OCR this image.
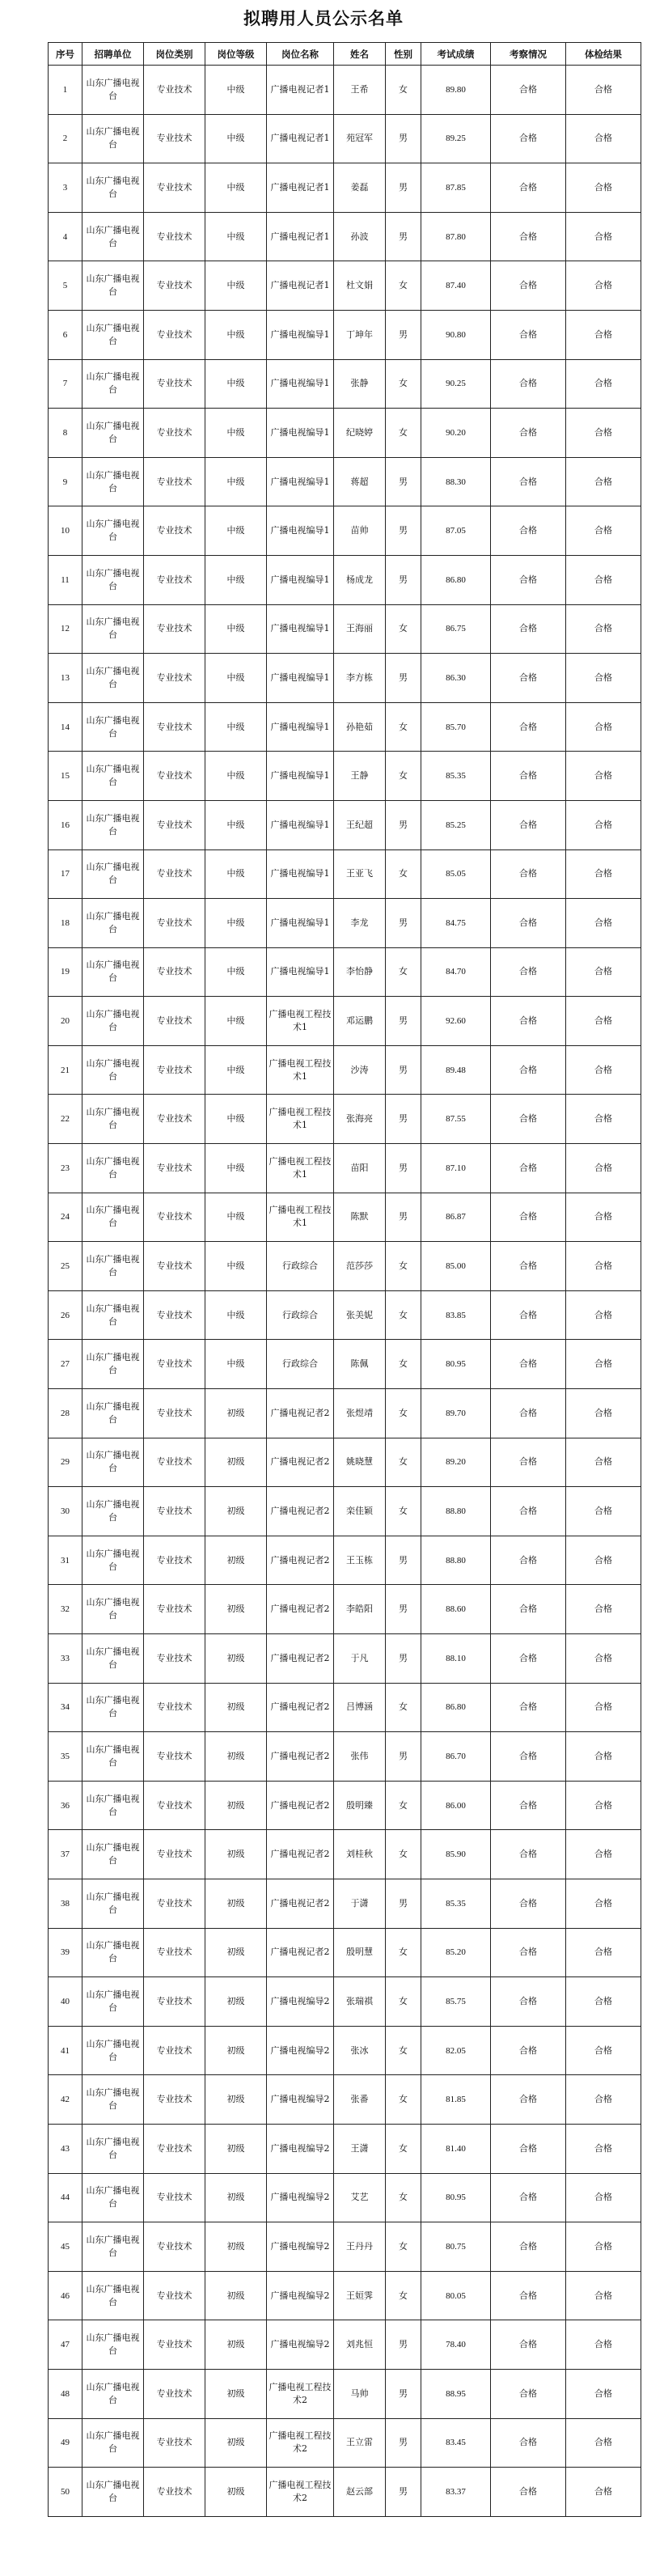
拟聘用人员公示名单
序号	招聘单位	岗位类别	岗位等级	岗位名称	姓名	性别	考试成绩	考察情况	体检结果
1	山东广播电视台	专业技术	中级	广播电视记者1	王希	女	89.80	合格	合格
2	山东广播电视台	专业技术	中级	广播电视记者1	苑冠军	男	89.25	合格	合格
3	山东广播电视台	专业技术	中级	广播电视记者1	姜磊	男	87.85	合格	合格
4	山东广播电视台	专业技术	中级	广播电视记者1	孙波	男	87.80	合格	合格
5	山东广播电视台	专业技术	中级	广播电视记者1	杜文娟	女	87.40	合格	合格
6	山东广播电视台	专业技术	中级	广播电视编导1	丁坤年	男	90.80	合格	合格
7	山东广播电视台	专业技术	中级	广播电视编导1	张静	女	90.25	合格	合格
8	山东广播电视台	专业技术	中级	广播电视编导1	纪晓婷	女	90.20	合格	合格
9	山东广播电视台	专业技术	中级	广播电视编导1	蒋超	男	88.30	合格	合格
10	山东广播电视台	专业技术	中级	广播电视编导1	苗帅	男	87.05	合格	合格
11	山东广播电视台	专业技术	中级	广播电视编导1	杨成龙	男	86.80	合格	合格
12	山东广播电视台	专业技术	中级	广播电视编导1	王海丽	女	86.75	合格	合格
13	山东广播电视台	专业技术	中级	广播电视编导1	李方栋	男	86.30	合格	合格
14	山东广播电视台	专业技术	中级	广播电视编导1	孙艳茹	女	85.70	合格	合格
15	山东广播电视台	专业技术	中级	广播电视编导1	王静	女	85.35	合格	合格
16	山东广播电视台	专业技术	中级	广播电视编导1	王纪超	男	85.25	合格	合格
17	山东广播电视台	专业技术	中级	广播电视编导1	王亚飞	女	85.05	合格	合格
18	山东广播电视台	专业技术	中级	广播电视编导1	李龙	男	84.75	合格	合格
19	山东广播电视台	专业技术	中级	广播电视编导1	李怡静	女	84.70	合格	合格
20	山东广播电视台	专业技术	中级	广播电视工程技术1	邓运鹏	男	92.60	合格	合格
21	山东广播电视台	专业技术	中级	广播电视工程技术1	沙涛	男	89.48	合格	合格
22	山东广播电视台	专业技术	中级	广播电视工程技术1	张海亮	男	87.55	合格	合格
23	山东广播电视台	专业技术	中级	广播电视工程技术1	苗阳	男	87.10	合格	合格
24	山东广播电视台	专业技术	中级	广播电视工程技术1	陈默	男	86.87	合格	合格
25	山东广播电视台	专业技术	中级	行政综合	范莎莎	女	85.00	合格	合格
26	山东广播电视台	专业技术	中级	行政综合	张美妮	女	83.85	合格	合格
27	山东广播电视台	专业技术	中级	行政综合	陈佩	女	80.95	合格	合格
28	山东广播电视台	专业技术	初级	广播电视记者2	张煜靖	女	89.70	合格	合格
29	山东广播电视台	专业技术	初级	广播电视记者2	姚晓慧	女	89.20	合格	合格
30	山东广播电视台	专业技术	初级	广播电视记者2	栾佳颖	女	88.80	合格	合格
31	山东广播电视台	专业技术	初级	广播电视记者2	王玉栋	男	88.80	合格	合格
32	山东广播电视台	专业技术	初级	广播电视记者2	李皓阳	男	88.60	合格	合格
33	山东广播电视台	专业技术	初级	广播电视记者2	于凡	男	88.10	合格	合格
34	山东广播电视台	专业技术	初级	广播电视记者2	吕博涵	女	86.80	合格	合格
35	山东广播电视台	专业技术	初级	广播电视记者2	张伟	男	86.70	合格	合格
36	山东广播电视台	专业技术	初级	广播电视记者2	殷明臻	女	86.00	合格	合格
37	山东广播电视台	专业技术	初级	广播电视记者2	刘桂秋	女	85.90	合格	合格
38	山东广播电视台	专业技术	初级	广播电视记者2	于潇	男	85.35	合格	合格
39	山东广播电视台	专业技术	初级	广播电视记者2	殷明慧	女	85.20	合格	合格
40	山东广播电视台	专业技术	初级	广播电视编导2	张瑞祺	女	85.75	合格	合格
41	山东广播电视台	专业技术	初级	广播电视编导2	张冰	女	82.05	合格	合格
42	山东广播电视台	专业技术	初级	广播电视编导2	张番	女	81.85	合格	合格
43	山东广播电视台	专业技术	初级	广播电视编导2	王潇	女	81.40	合格	合格
44	山东广播电视台	专业技术	初级	广播电视编导2	艾艺	女	80.95	合格	合格
45	山东广播电视台	专业技术	初级	广播电视编导2	王丹丹	女	80.75	合格	合格
46	山东广播电视台	专业技术	初级	广播电视编导2	王姮霁	女	80.05	合格	合格
47	山东广播电视台	专业技术	初级	广播电视编导2	刘兆恒	男	78.40	合格	合格
48	山东广播电视台	专业技术	初级	广播电视工程技术2	马帅	男	88.95	合格	合格
49	山东广播电视台	专业技术	初级	广播电视工程技术2	王立雷	男	83.45	合格	合格
50	山东广播电视台	专业技术	初级	广播电视工程技术2	赵云部	男	83.37	合格	合格
